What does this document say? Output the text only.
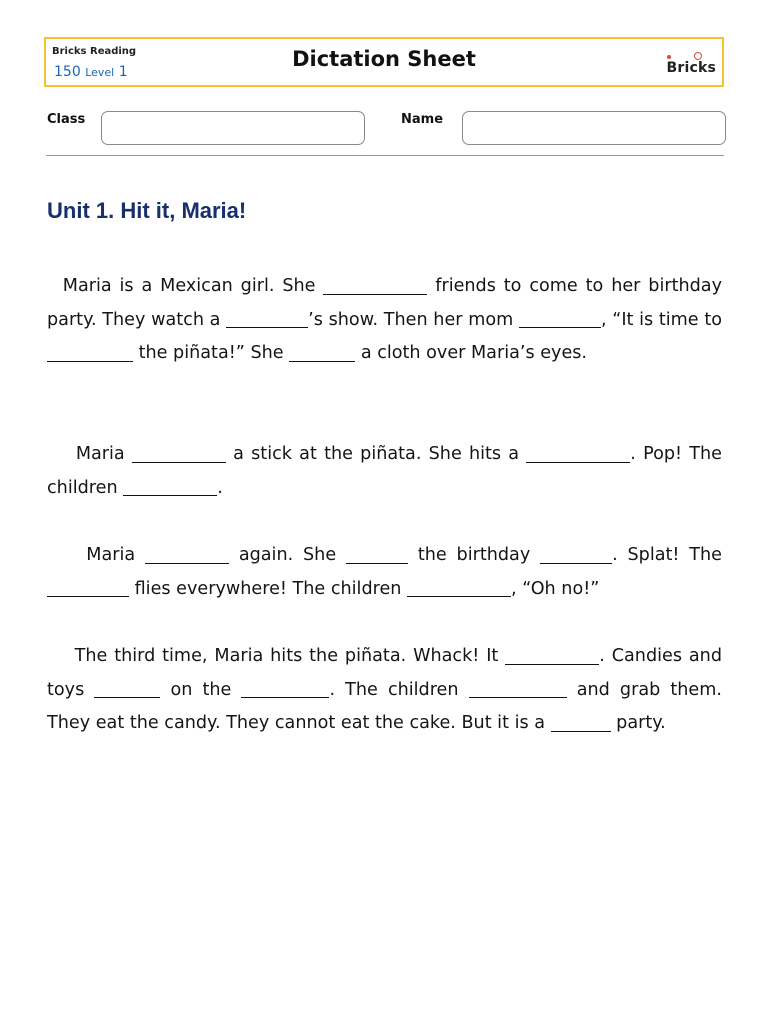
Bricks Reading
150 Level 1
Dictation Sheet	Bricks
Class	Name
Unit 1. Hit it, Maria!
Maria is a Mexican girl. She	friends to come to her birthday party. They watch a	’s show. Then her mom	, “It is time to  the piñata!” She	a cloth over Maria’s eyes.
Maria	a stick at the piñata. She hits a	. Pop! The children	.
Maria	again. She	the birthday	. Splat! The  flies everywhere! The children	, “Oh no!”
The third time, Maria hits the piñata. Whack! It	. Candies and toys	on the	. The children	and grab them. They eat the candy. They cannot eat the cake. But it is a	party.
